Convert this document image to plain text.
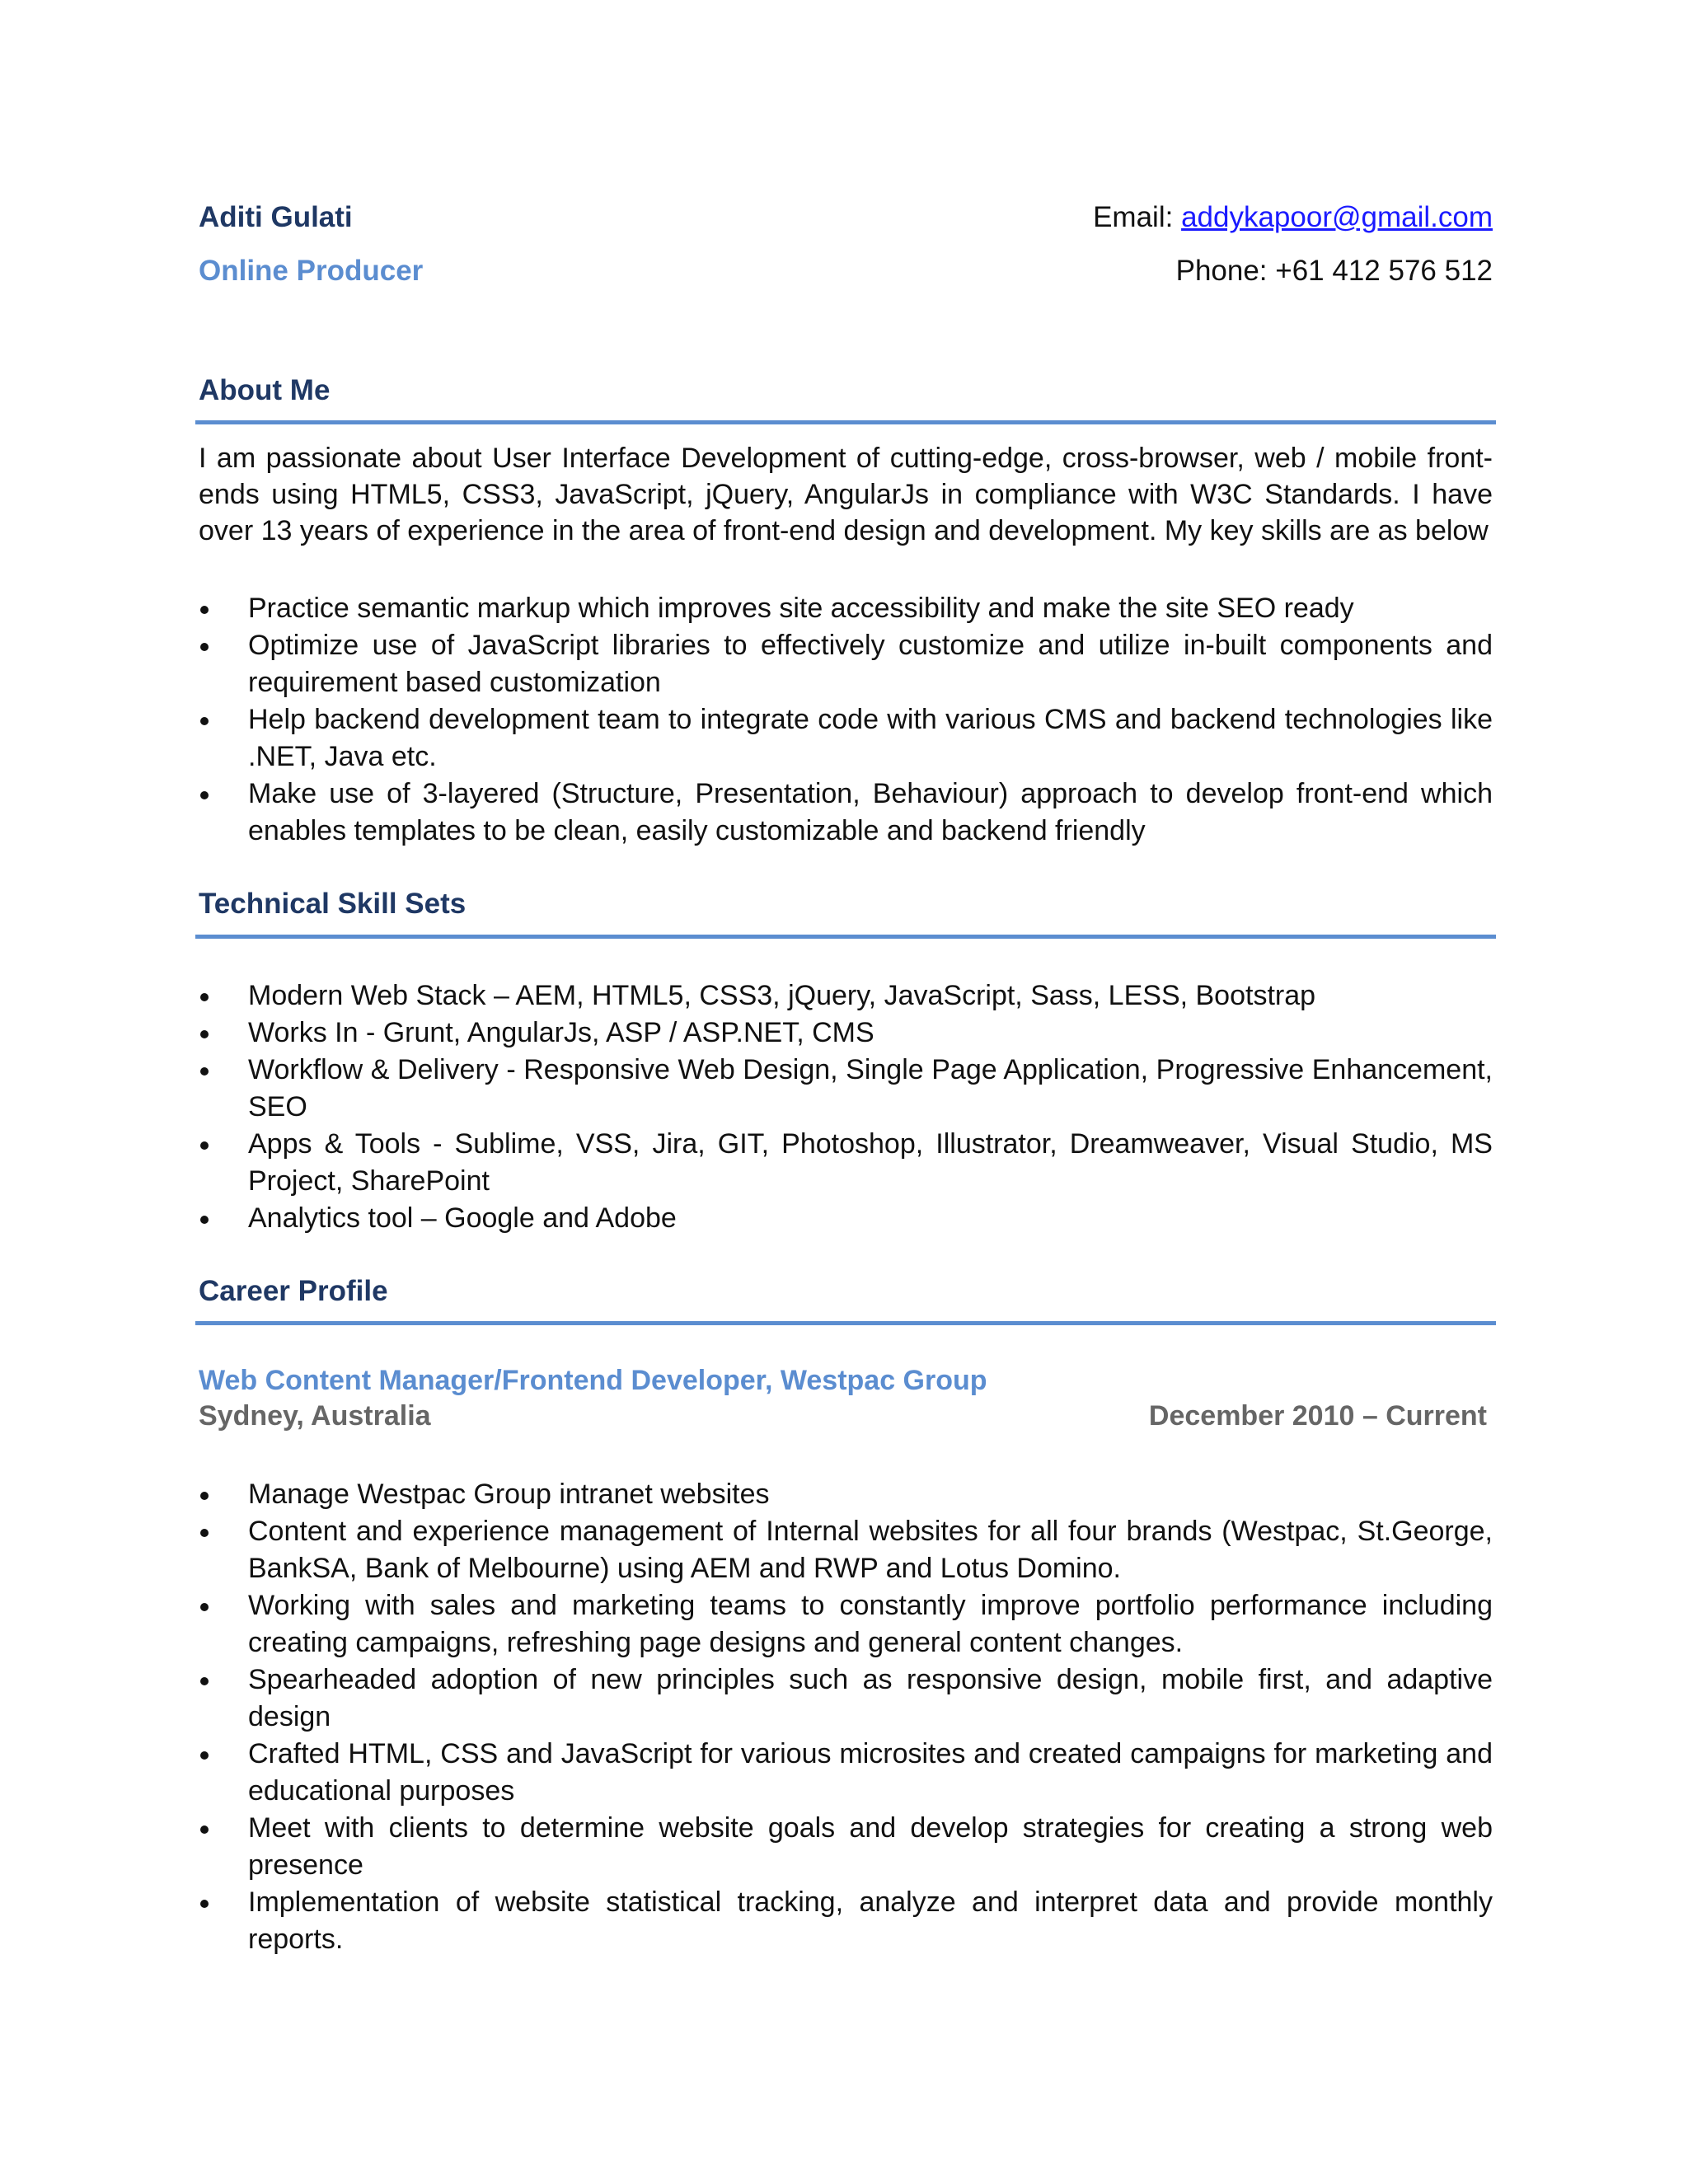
Aditi Gulati	Email: addykapoor@gmail.com
Online Producer	Phone: +61 412 576 512
About Me
I am passionate about User Interface Development of cutting-edge, cross-browser, web / mobile front-ends using HTML5, CSS3, JavaScript, jQuery, AngularJs in compliance with W3C Standards. I have over 13 years of experience in the area of front-end design and development. My key skills are as below
Practice semantic markup which improves site accessibility and make the site SEO ready
Optimize use of JavaScript libraries to effectively customize and utilize in-built components and requirement based customization
Help backend development team to integrate code with various CMS and backend technologies like .NET, Java etc.
Make use of 3-layered (Structure, Presentation, Behaviour) approach to develop front-end which enables templates to be clean, easily customizable and backend friendly
Technical Skill Sets
Modern Web Stack – AEM, HTML5, CSS3, jQuery, JavaScript, Sass, LESS, Bootstrap
Works In - Grunt, AngularJs, ASP / ASP.NET, CMS
Workflow & Delivery - Responsive Web Design, Single Page Application, Progressive Enhancement, SEO
Apps & Tools - Sublime, VSS, Jira, GIT, Photoshop, Illustrator, Dreamweaver, Visual Studio, MS Project, SharePoint
Analytics tool – Google and Adobe
Career Profile
Web Content Manager/Frontend Developer, Westpac Group
Sydney, Australia	December 2010 – Current
Manage Westpac Group intranet websites
Content and experience management of Internal websites for all four brands (Westpac, St.George, BankSA, Bank of Melbourne) using AEM and RWP and Lotus Domino.
Working with sales and marketing teams to constantly improve portfolio performance including creating campaigns, refreshing page designs and general content changes.
Spearheaded adoption of new principles such as responsive design, mobile first, and adaptive design
Crafted HTML, CSS and JavaScript for various microsites and created campaigns for marketing and educational purposes
Meet with clients to determine website goals and develop strategies for creating a strong web presence
Implementation of website statistical tracking, analyze and interpret data and provide monthly reports.
